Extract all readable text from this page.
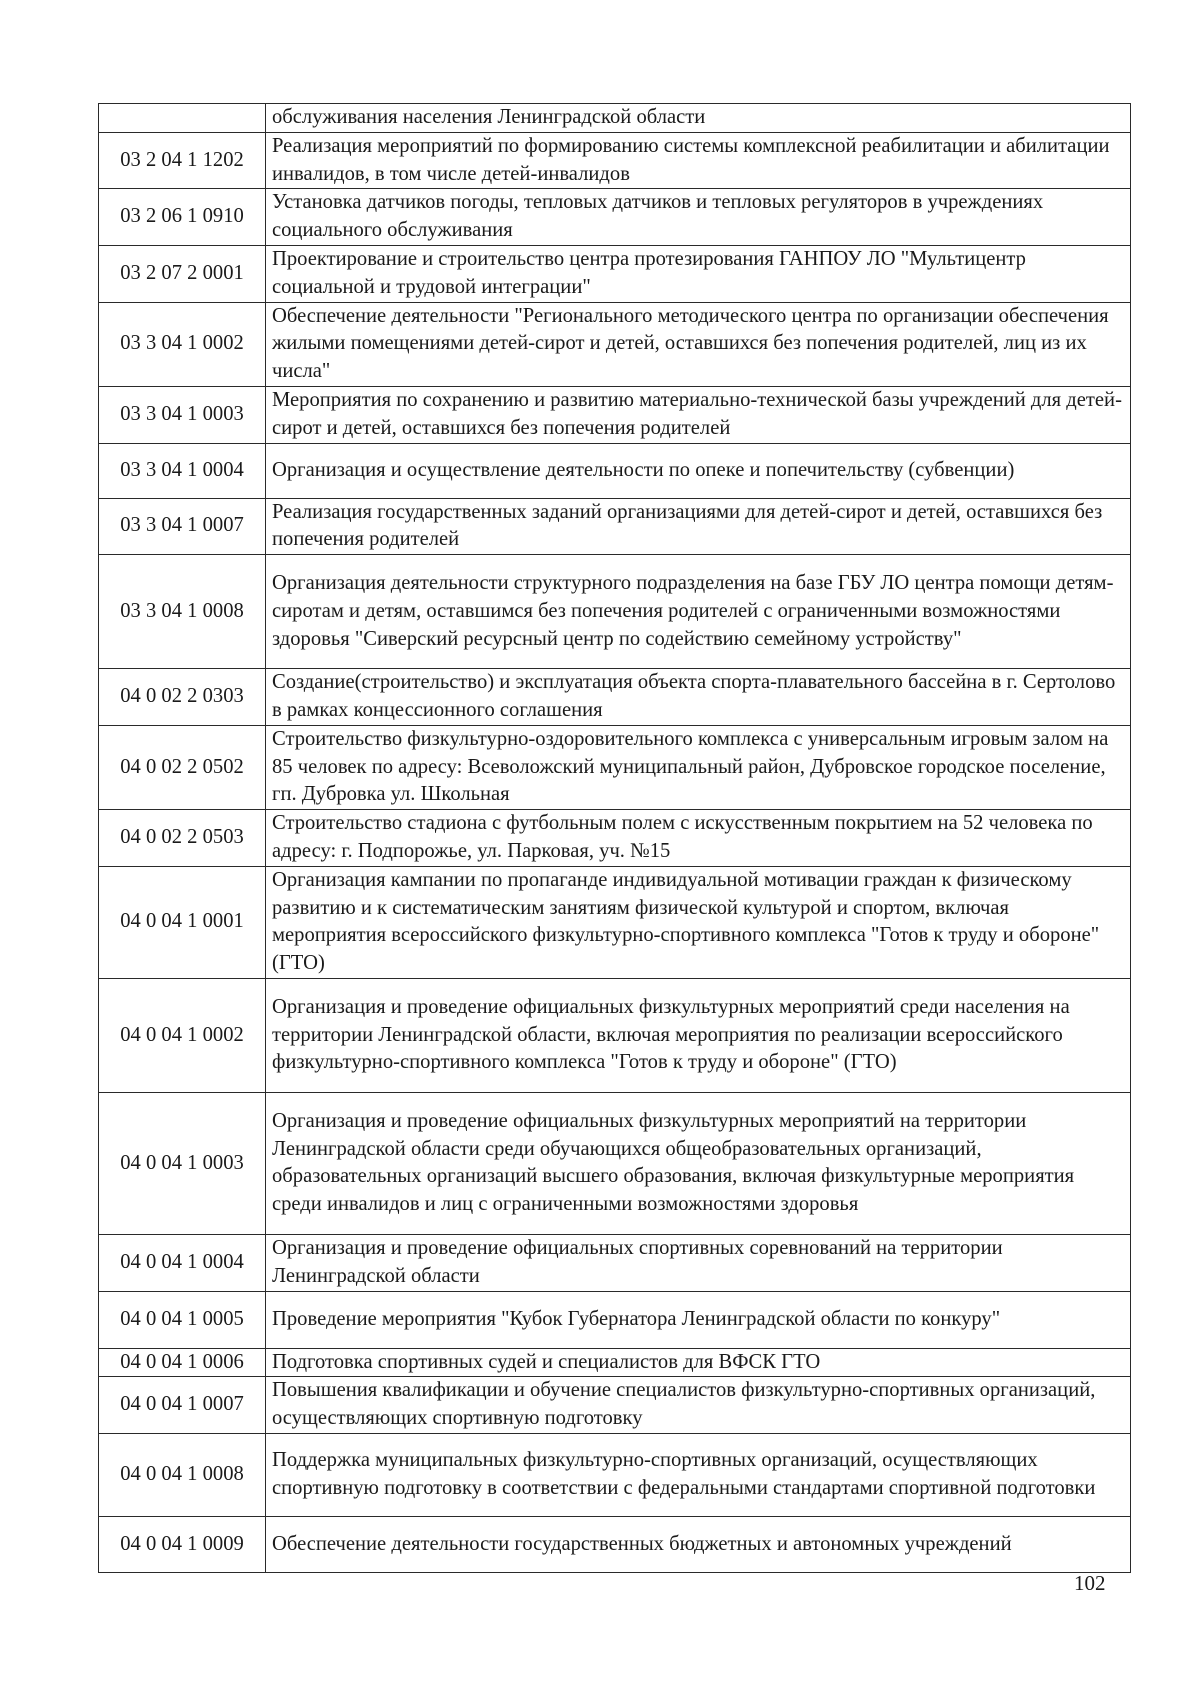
	обслуживания населения Ленинградской области
03 2 04 1 1202	Реализация мероприятий по формированию системы комплексной реабилитации и абилитации инвалидов, в том числе детей-инвалидов
03 2 06 1 0910	Установка датчиков погоды, тепловых датчиков и тепловых регуляторов в учреждениях социального обслуживания
03 2 07 2 0001	Проектирование и строительство центра протезирования ГАНПОУ ЛО "Мультицентр социальной и трудовой интеграции"
03 3 04 1 0002	Обеспечение деятельности "Регионального методического центра по организации обеспечения жилыми помещениями детей-сирот и детей, оставшихся без попечения родителей, лиц из их числа"
03 3 04 1 0003	Мероприятия по сохранению и развитию материально-технической базы учреждений для детей-сирот и детей, оставшихся без попечения родителей
03 3 04 1 0004	Организация и осуществление деятельности по опеке и попечительству (субвенции)
03 3 04 1 0007	Реализация государственных заданий организациями для детей-сирот и детей, оставшихся без попечения родителей
03 3 04 1 0008	Организация деятельности структурного подразделения на базе ГБУ ЛО центра помощи детям-сиротам и детям, оставшимся без попечения родителей с ограниченными возможностями здоровья "Сиверский ресурсный центр по содействию семейному устройству"
04 0 02 2 0303	Создание(строительство) и эксплуатация объекта спорта-плавательного бассейна в г. Сертолово в рамках концессионного соглашения
04 0 02 2 0502	Строительство физкультурно-оздоровительного комплекса с универсальным игровым залом на 85 человек по адресу: Всеволожский муниципальный район, Дубровское городское поселение, гп. Дубровка ул. Школьная
04 0 02 2 0503	Строительство стадиона с футбольным полем с искусственным покрытием на 52 человека по адресу: г. Подпорожье, ул. Парковая, уч. №15
04 0 04 1 0001	Организация кампании по пропаганде индивидуальной мотивации граждан к физическому развитию и к систематическим занятиям физической культурой и спортом, включая мероприятия всероссийского физкультурно-спортивного комплекса "Готов к труду и обороне" (ГТО)
04 0 04 1 0002	Организация и проведение официальных физкультурных мероприятий среди населения на территории Ленинградской области, включая мероприятия по реализации всероссийского физкультурно-спортивного комплекса "Готов к труду и обороне" (ГТО)
04 0 04 1 0003	Организация и проведение официальных физкультурных мероприятий на территории Ленинградской области среди обучающихся общеобразовательных организаций, образовательных организаций высшего образования, включая физкультурные мероприятия среди инвалидов и лиц с ограниченными возможностями здоровья
04 0 04 1 0004	Организация и проведение официальных спортивных соревнований на территории Ленинградской области
04 0 04 1 0005	Проведение мероприятия "Кубок Губернатора Ленинградской области по конкуру"
04 0 04 1 0006	Подготовка спортивных судей и специалистов для ВФСК ГТО
04 0 04 1 0007	Повышения квалификации и обучение специалистов физкультурно-спортивных организаций, осуществляющих спортивную подготовку
04 0 04 1 0008	Поддержка муниципальных физкультурно-спортивных организаций, осуществляющих спортивную подготовку в соответствии с федеральными стандартами спортивной подготовки
04 0 04 1 0009	Обеспечение деятельности государственных бюджетных и автономных учреждений
102
